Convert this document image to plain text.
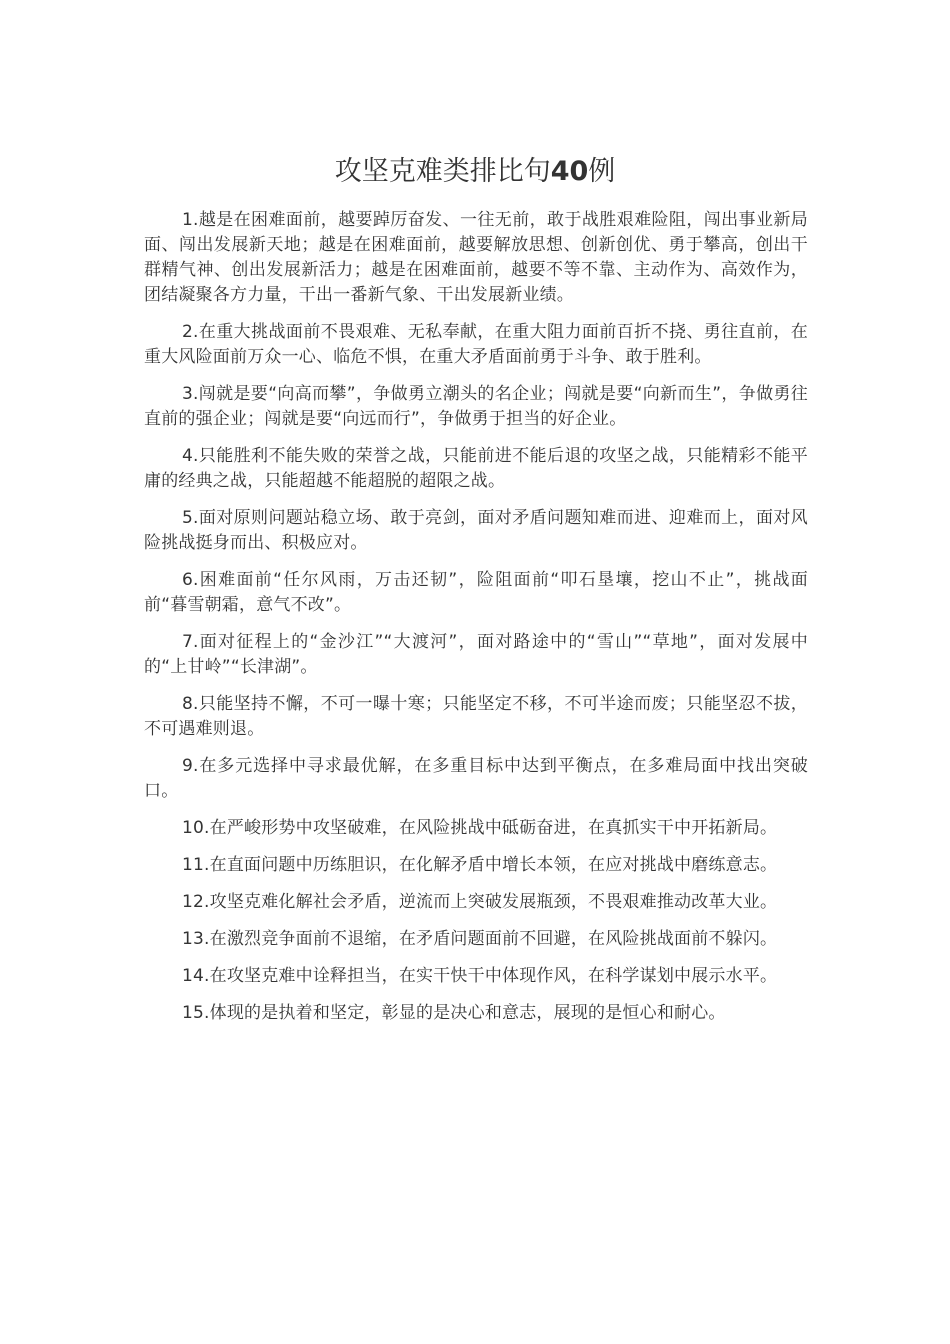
攻坚克难类排比句40例

1.越是在困难面前，越要踔厉奋发、一往无前，敢于战胜艰难险阻，闯出事业新局面、闯出发展新天地；越是在困难面前，越要解放思想、创新创优、勇于攀高，创出干群精气神、创出发展新活力；越是在困难面前，越要不等不靠、主动作为、高效作为，团结凝聚各方力量，干出一番新气象、干出发展新业绩。

2.在重大挑战面前不畏艰难、无私奉献，在重大阻力面前百折不挠、勇往直前，在重大风险面前万众一心、临危不惧，在重大矛盾面前勇于斗争、敢于胜利。

3.闯就是要“向高而攀”，争做勇立潮头的名企业；闯就是要“向新而生”，争做勇往直前的强企业；闯就是要“向远而行”，争做勇于担当的好企业。

4.只能胜利不能失败的荣誉之战，只能前进不能后退的攻坚之战，只能精彩不能平庸的经典之战，只能超越不能超脱的超限之战。

5.面对原则问题站稳立场、敢于亮剑，面对矛盾问题知难而进、迎难而上，面对风险挑战挺身而出、积极应对。

6.困难面前“任尔风雨，万击还韧”，险阻面前“叩石垦壤，挖山不止”，挑战面前“暮雪朝霜，意气不改”。

7.面对征程上的“金沙江”“大渡河”，面对路途中的“雪山”“草地”，面对发展中的“上甘岭”“长津湖”。

8.只能坚持不懈，不可一曝十寒；只能坚定不移，不可半途而废；只能坚忍不拔，不可遇难则退。

9.在多元选择中寻求最优解，在多重目标中达到平衡点，在多难局面中找出突破口。

10.在严峻形势中攻坚破难，在风险挑战中砥砺奋进，在真抓实干中开拓新局。

11.在直面问题中历练胆识，在化解矛盾中增长本领，在应对挑战中磨练意志。

12.攻坚克难化解社会矛盾，逆流而上突破发展瓶颈，不畏艰难推动改革大业。

13.在激烈竞争面前不退缩，在矛盾问题面前不回避，在风险挑战面前不躲闪。

14.在攻坚克难中诠释担当，在实干快干中体现作风，在科学谋划中展示水平。

15.体现的是执着和坚定，彰显的是决心和意志，展现的是恒心和耐心。
